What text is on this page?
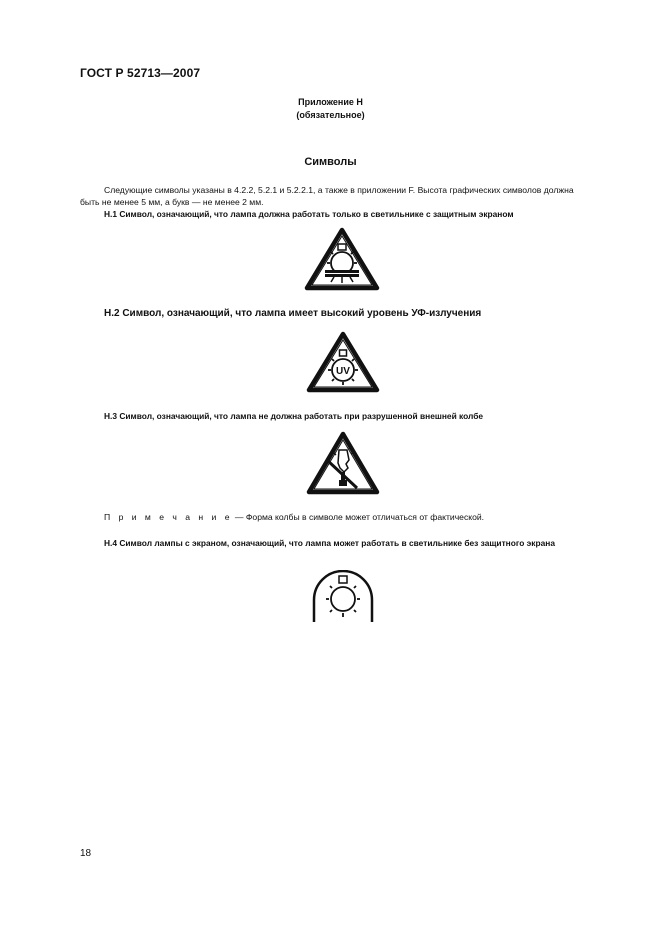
ГОСТ Р 52713—2007
Приложение Н
(обязательное)
Символы
Следующие символы указаны в 4.2.2, 5.2.1 и 5.2.2.1, а также в приложении F. Высота графических символов должна быть не менее 5 мм, а букв — не менее 2 мм.
Н.1 Символ, означающий, что лампа должна работать только в светильнике с защитным экраном
Н.2 Символ, означающий, что лампа имеет высокий уровень УФ-излучения
UV
Н.3 Символ, означающий, что лампа не должна работать при разрушенной внешней колбе
П р и м е ч а н и е — Форма колбы в символе может отличаться от фактической.
Н.4 Символ лампы с экраном, означающий, что лампа может работать в светильнике без защитного экрана
18
